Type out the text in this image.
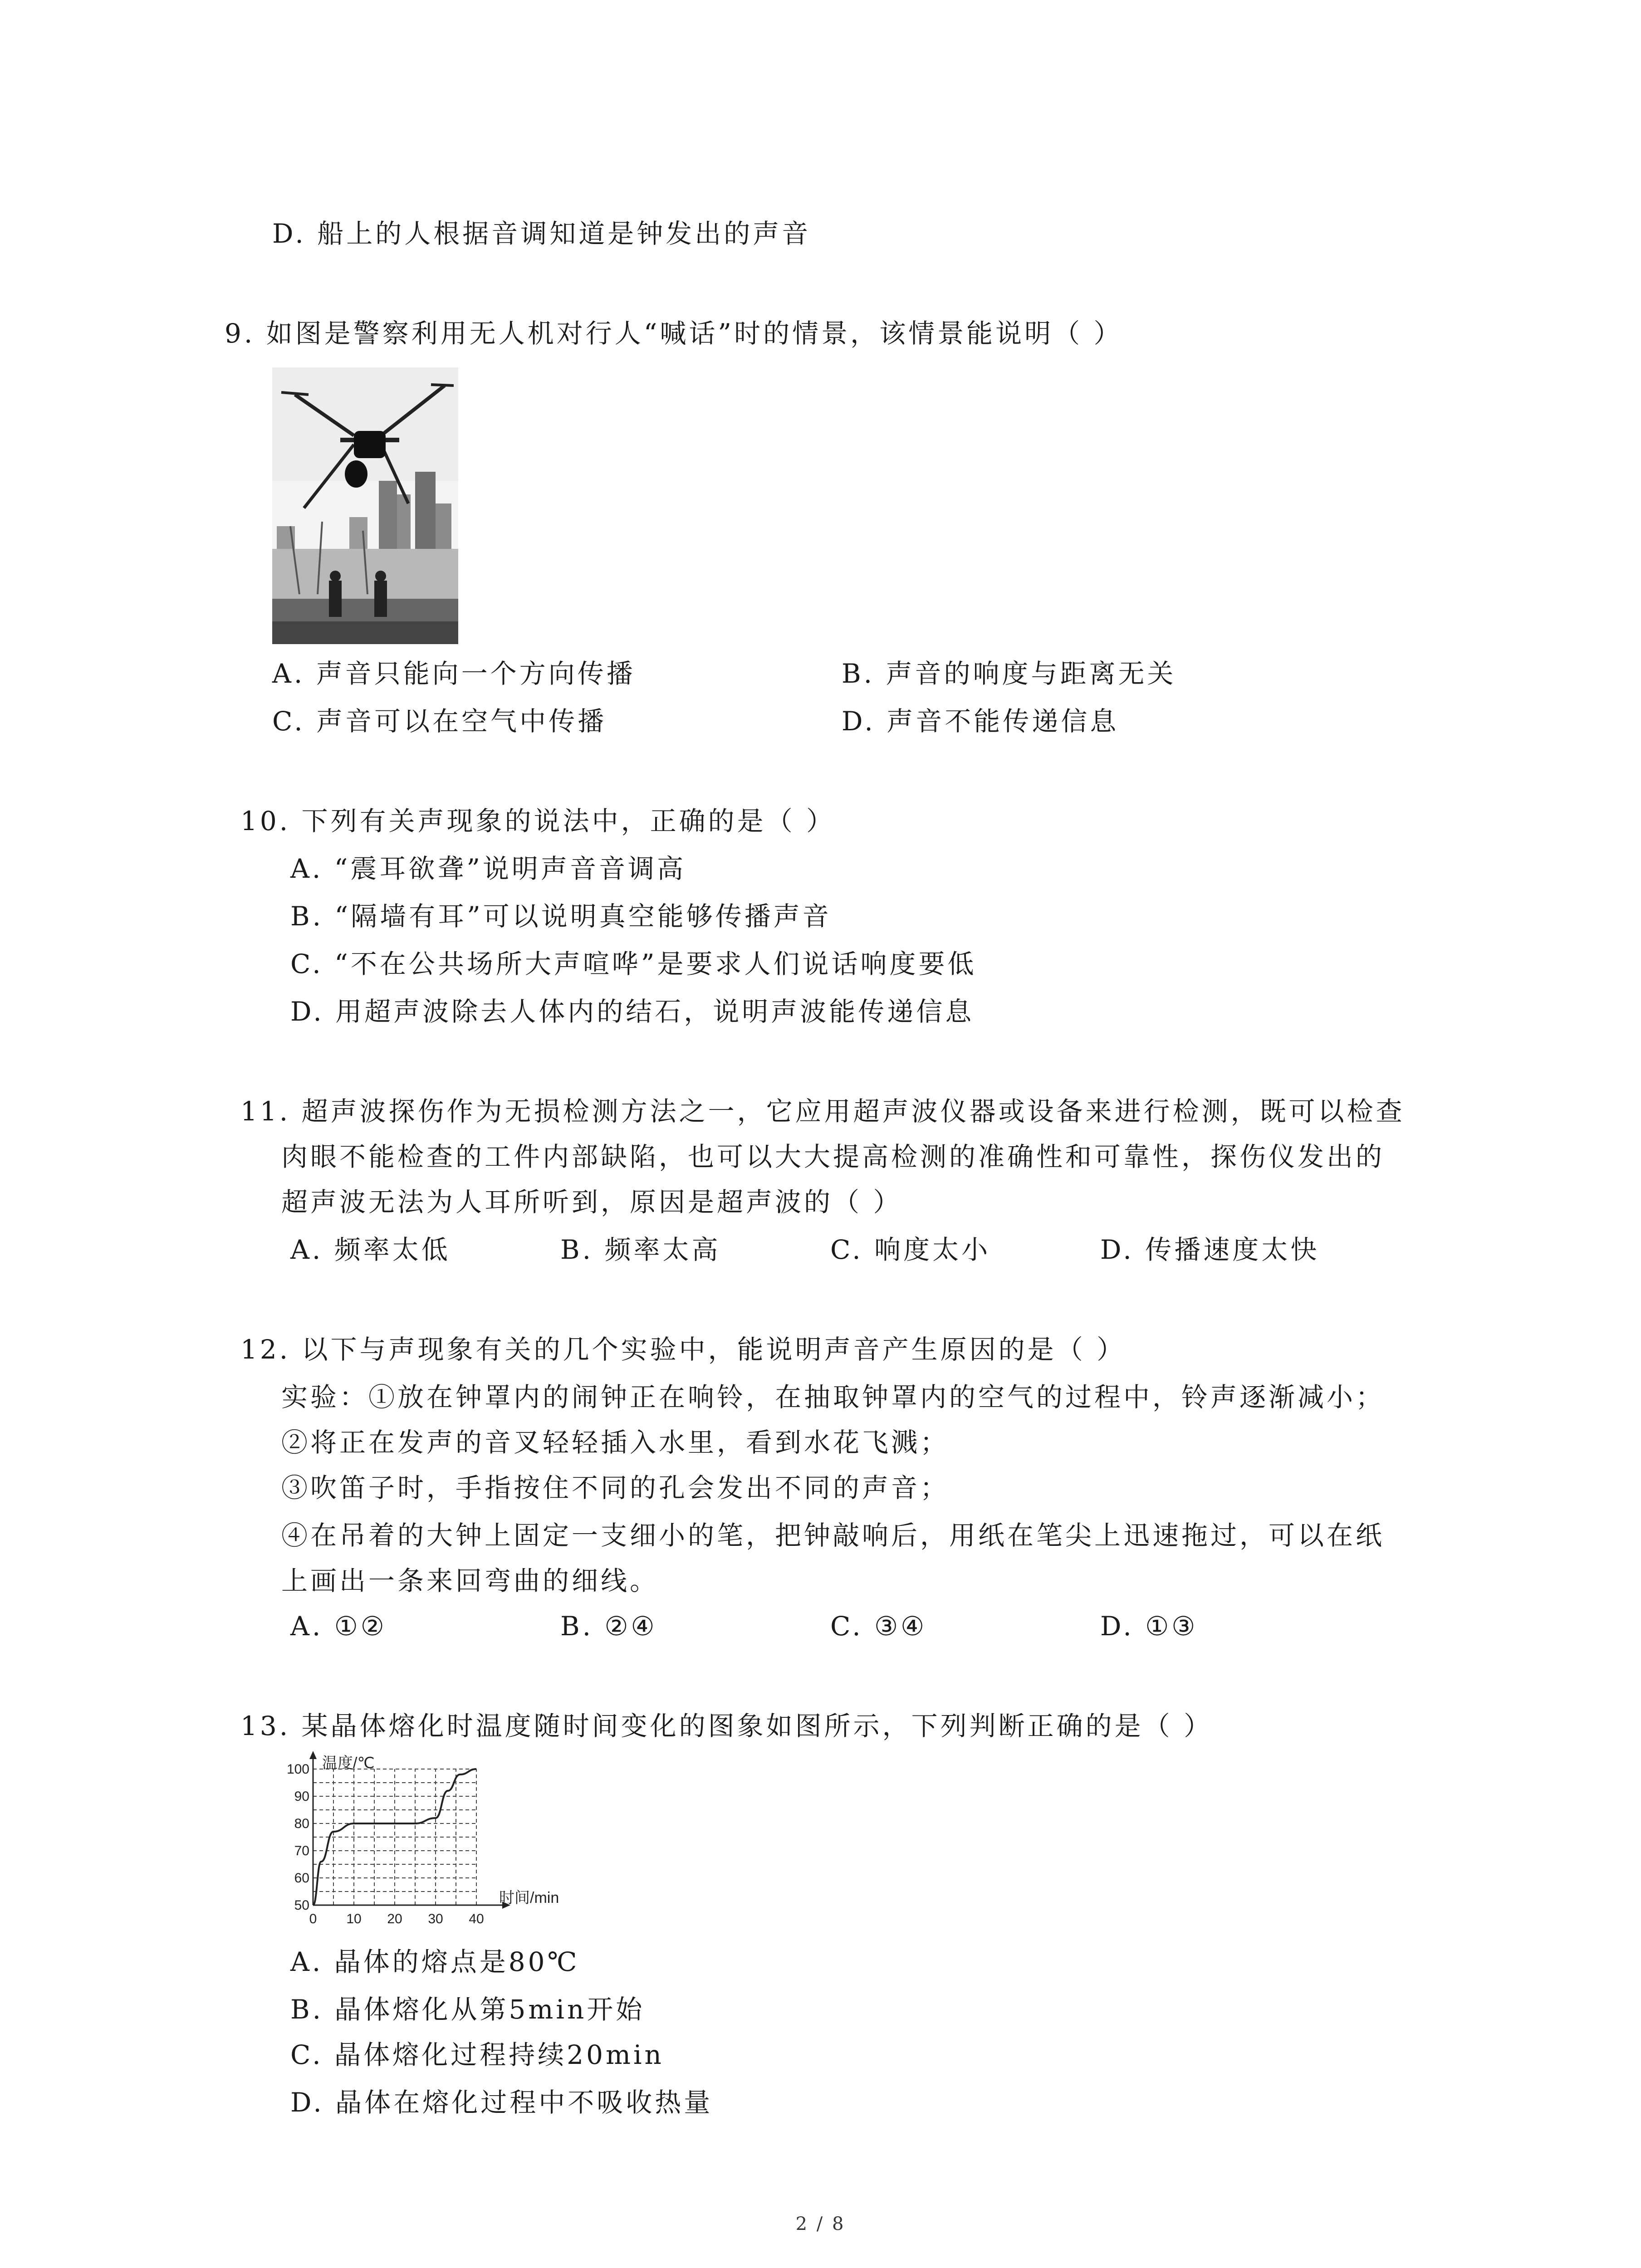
D. 船上的人根据音调知道是钟发出的声音
9. 如图是警察利用无人机对行人“喊话”时的情景，该情景能说明（ ）
A. 声音只能向一个方向传播	B. 声音的响度与距离无关
C. 声音可以在空气中传播	D. 声音不能传递信息
10. 下列有关声现象的说法中，正确的是（ ）
A. “震耳欲聋”说明声音音调高
B. “隔墙有耳”可以说明真空能够传播声音
C. “不在公共场所大声喧哗”是要求人们说话响度要低
D. 用超声波除去人体内的结石，说明声波能传递信息
11. 超声波探伤作为无损检测方法之一，它应用超声波仪器或设备来进行检测，既可以检查
肉眼不能检查的工件内部缺陷，也可以大大提高检测的准确性和可靠性，探伤仪发出的
超声波无法为人耳所听到，原因是超声波的（ ）
A. 频率太低	B. 频率太高	C. 响度太小	D. 传播速度太快
12. 以下与声现象有关的几个实验中，能说明声音产生原因的是（ ）
实验：①放在钟罩内的闹钟正在响铃，在抽取钟罩内的空气的过程中，铃声逐渐减小；
②将正在发声的音叉轻轻插入水里，看到水花飞溅；
③吹笛子时，手指按住不同的孔会发出不同的声音；
④在吊着的大钟上固定一支细小的笔，把钟敲响后，用纸在笔尖上迅速拖过，可以在纸
上画出一条来回弯曲的细线。
A. ①②	B. ②④	C. ③④	D. ①③
13. 某晶体熔化时温度随时间变化的图象如图所示，下列判断正确的是（ ）
0 10 20 30 40
50
60
70
80
90
100 温度/℃
时间/min
A. 晶体的熔点是80℃
B. 晶体熔化从第5min开始
C. 晶体熔化过程持续20min
D. 晶体在熔化过程中不吸收热量
2 / 8
